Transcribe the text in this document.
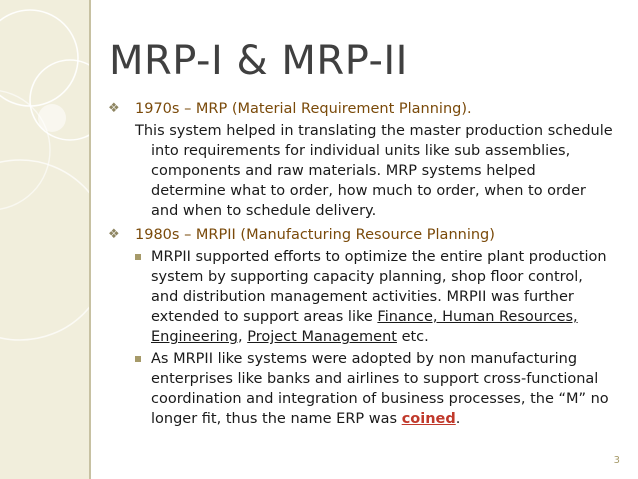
MRP-I & MRP-II
❖ 1970s – MRP (Material Requirement Planning).
This system helped in translating the master production schedule into requirements for individual units like sub assemblies, components and raw materials. MRP systems helped determine what to order, how much to order, when to order and when to schedule delivery.
❖ 1980s – MRPII (Manufacturing Resource Planning)
MRPII supported efforts to optimize the entire plant production system by supporting capacity planning, shop floor control, and distribution management activities. MRPII was further extended to support areas like Finance, Human Resources, Engineering, Project Management etc.
As MRPII like systems were adopted by non manufacturing enterprises like banks and airlines to support cross-functional coordination and integration of business processes, the “M” no longer fit, thus the name ERP was coined.
3
